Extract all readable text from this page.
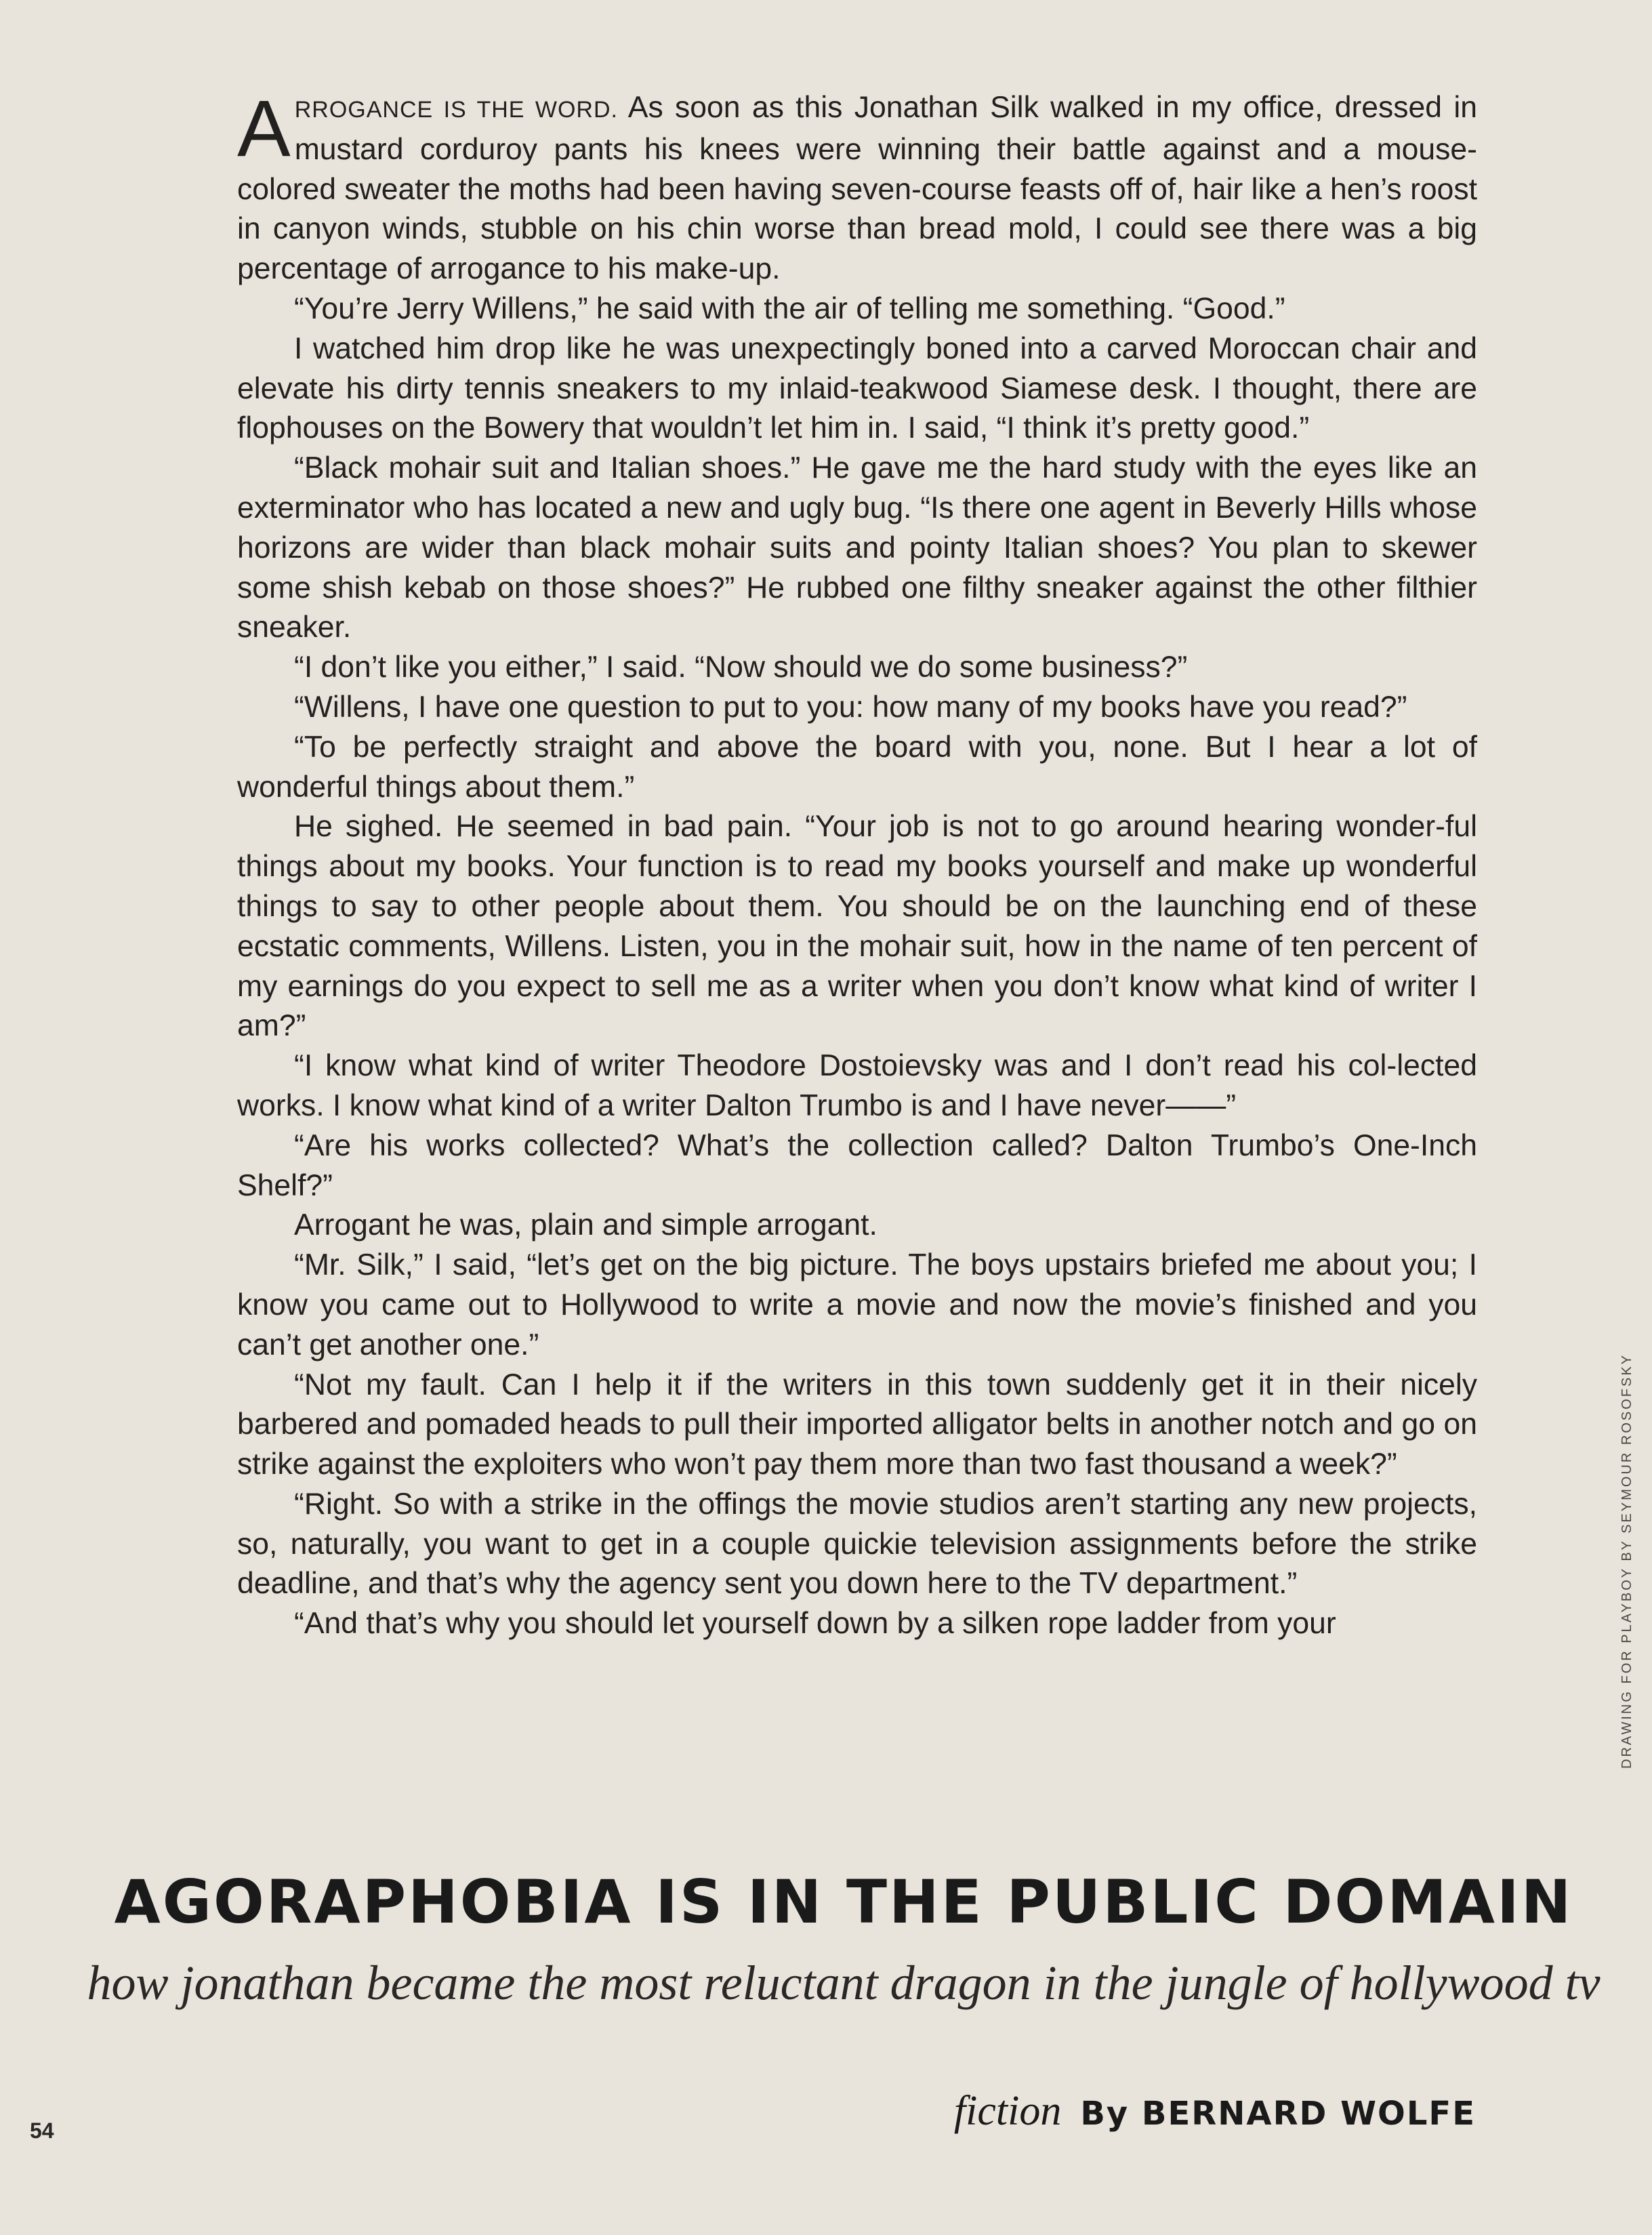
ARROGANCE IS THE WORD. As soon as this Jonathan Silk walked in my office, dressed in mustard corduroy pants his knees were winning their battle against and a mouse-colored sweater the moths had been having seven-course feasts off of, hair like a hen’s roost in canyon winds, stubble on his chin worse than bread mold, I could see there was a big percentage of arrogance to his make-up.

“You’re Jerry Willens,” he said with the air of telling me something. “Good.”

I watched him drop like he was unexpectingly boned into a carved Moroccan chair and elevate his dirty tennis sneakers to my inlaid-teakwood Siamese desk. I thought, there are flophouses on the Bowery that wouldn’t let him in. I said, “I think it’s pretty good.”

“Black mohair suit and Italian shoes.” He gave me the hard study with the eyes like an exterminator who has located a new and ugly bug. “Is there one agent in Beverly Hills whose horizons are wider than black mohair suits and pointy Italian shoes? You plan to skewer some shish kebab on those shoes?” He rubbed one filthy sneaker against the other filthier sneaker.

“I don’t like you either,” I said. “Now should we do some business?”

“Willens, I have one question to put to you: how many of my books have you read?”

“To be perfectly straight and above the board with you, none. But I hear a lot of wonderful things about them.”

He sighed. He seemed in bad pain. “Your job is not to go around hearing wonder-ful things about my books. Your function is to read my books yourself and make up wonderful things to say to other people about them. You should be on the launching end of these ecstatic comments, Willens. Listen, you in the mohair suit, how in the name of ten percent of my earnings do you expect to sell me as a writer when you don’t know what kind of writer I am?”

“I know what kind of writer Theodore Dostoievsky was and I don’t read his col-lected works. I know what kind of a writer Dalton Trumbo is and I have never——”

“Are his works collected? What’s the collection called? Dalton Trumbo’s One-Inch Shelf?”

Arrogant he was, plain and simple arrogant.

“Mr. Silk,” I said, “let’s get on the big picture. The boys upstairs briefed me about you; I know you came out to Hollywood to write a movie and now the movie’s finished and you can’t get another one.”

“Not my fault. Can I help it if the writers in this town suddenly get it in their nicely barbered and pomaded heads to pull their imported alligator belts in another notch and go on strike against the exploiters who won’t pay them more than two fast thousand a week?”

“Right. So with a strike in the offings the movie studios aren’t starting any new projects, so, naturally, you want to get in a couple quickie television assignments before the strike deadline, and that’s why the agency sent you down here to the TV department.”

“And that’s why you should let yourself down by a silken rope ladder from your	DRAWING FOR PLAYBOY BY SEYMOUR ROSOFSKY
AGORAPHOBIA IS IN THE PUBLIC DOMAIN
how jonathan became the most reluctant dragon in the jungle of hollywood tv
fiction By BERNARD WOLFE
54
